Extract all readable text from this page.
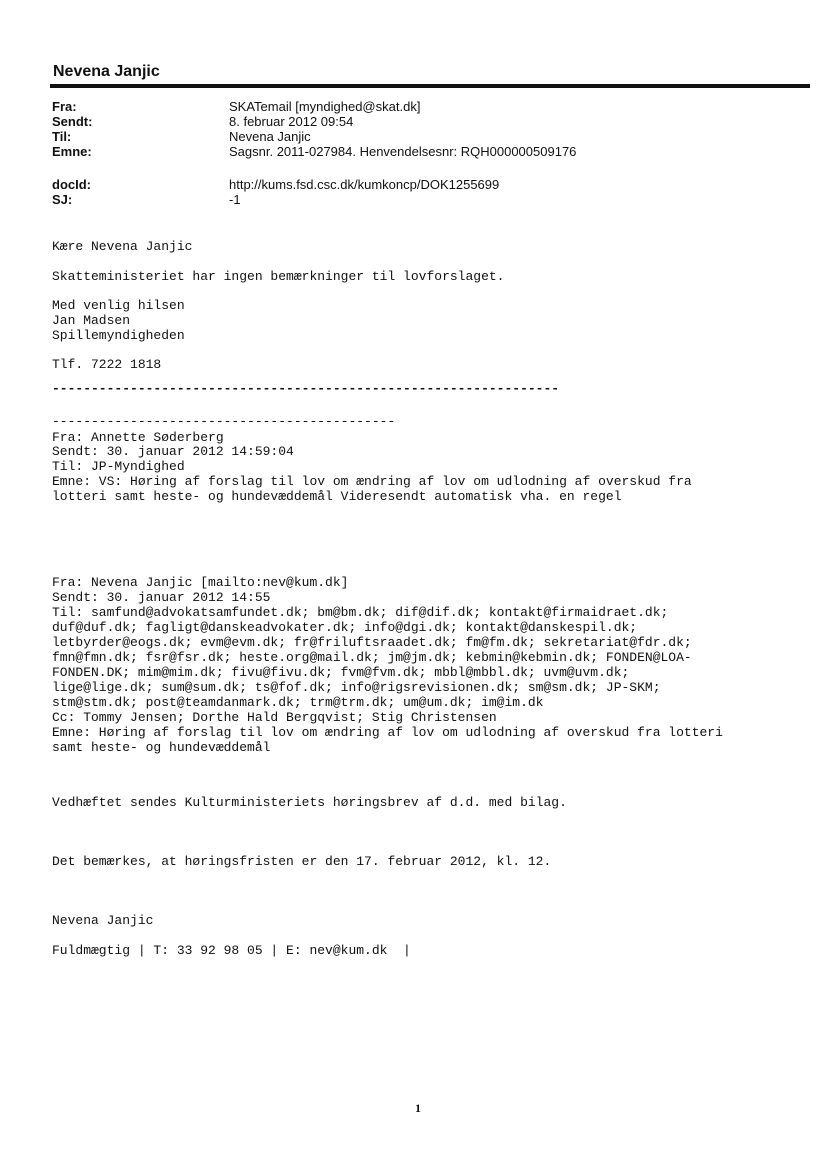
Nevena Janjic
Fra:	SKATemail [myndighed@skat.dk]
Sendt:	8. februar 2012 09:54
Til:	Nevena Janjic
Emne:	Sagsnr. 2011-027984. Henvendelsesnr: RQH000000509176
docId:	http://kums.fsd.csc.dk/kumkoncp/DOK1255699
SJ:	-1
Kære Nevena Janjic
Skatteministeriet har ingen bemærkninger til lovforslaget.
Med venlig hilsen
Jan Madsen
Spillemyndigheden
Tlf. 7222 1818
-----------------------------------------------------------------
--------------------------------------------
Fra: Annette Søderberg
Sendt: 30. januar 2012 14:59:04
Til: JP-Myndighed
Emne: VS: Høring af forslag til lov om ændring af lov om udlodning af overskud fra
lotteri samt heste- og hundevæddemål Videresendt automatisk vha. en regel
Fra: Nevena Janjic [mailto:nev@kum.dk]
Sendt: 30. januar 2012 14:55
Til: samfund@advokatsamfundet.dk; bm@bm.dk; dif@dif.dk; kontakt@firmaidraet.dk;
duf@duf.dk; fagligt@danskeadvokater.dk; info@dgi.dk; kontakt@danskespil.dk;
letbyrder@eogs.dk; evm@evm.dk; fr@friluftsraadet.dk; fm@fm.dk; sekretariat@fdr.dk;
fmn@fmn.dk; fsr@fsr.dk; heste.org@mail.dk; jm@jm.dk; kebmin@kebmin.dk; FONDEN@LOA-
FONDEN.DK; mim@mim.dk; fivu@fivu.dk; fvm@fvm.dk; mbbl@mbbl.dk; uvm@uvm.dk;
lige@lige.dk; sum@sum.dk; ts@fof.dk; info@rigsrevisionen.dk; sm@sm.dk; JP-SKM;
stm@stm.dk; post@teamdanmark.dk; trm@trm.dk; um@um.dk; im@im.dk
Cc: Tommy Jensen; Dorthe Hald Bergqvist; Stig Christensen
Emne: Høring af forslag til lov om ændring af lov om udlodning af overskud fra lotteri
samt heste- og hundevæddemål
Vedhæftet sendes Kulturministeriets høringsbrev af d.d. med bilag.
Det bemærkes, at høringsfristen er den 17. februar 2012, kl. 12.
Nevena Janjic
Fuldmægtig | T: 33 92 98 05 | E: nev@kum.dk  |
1
